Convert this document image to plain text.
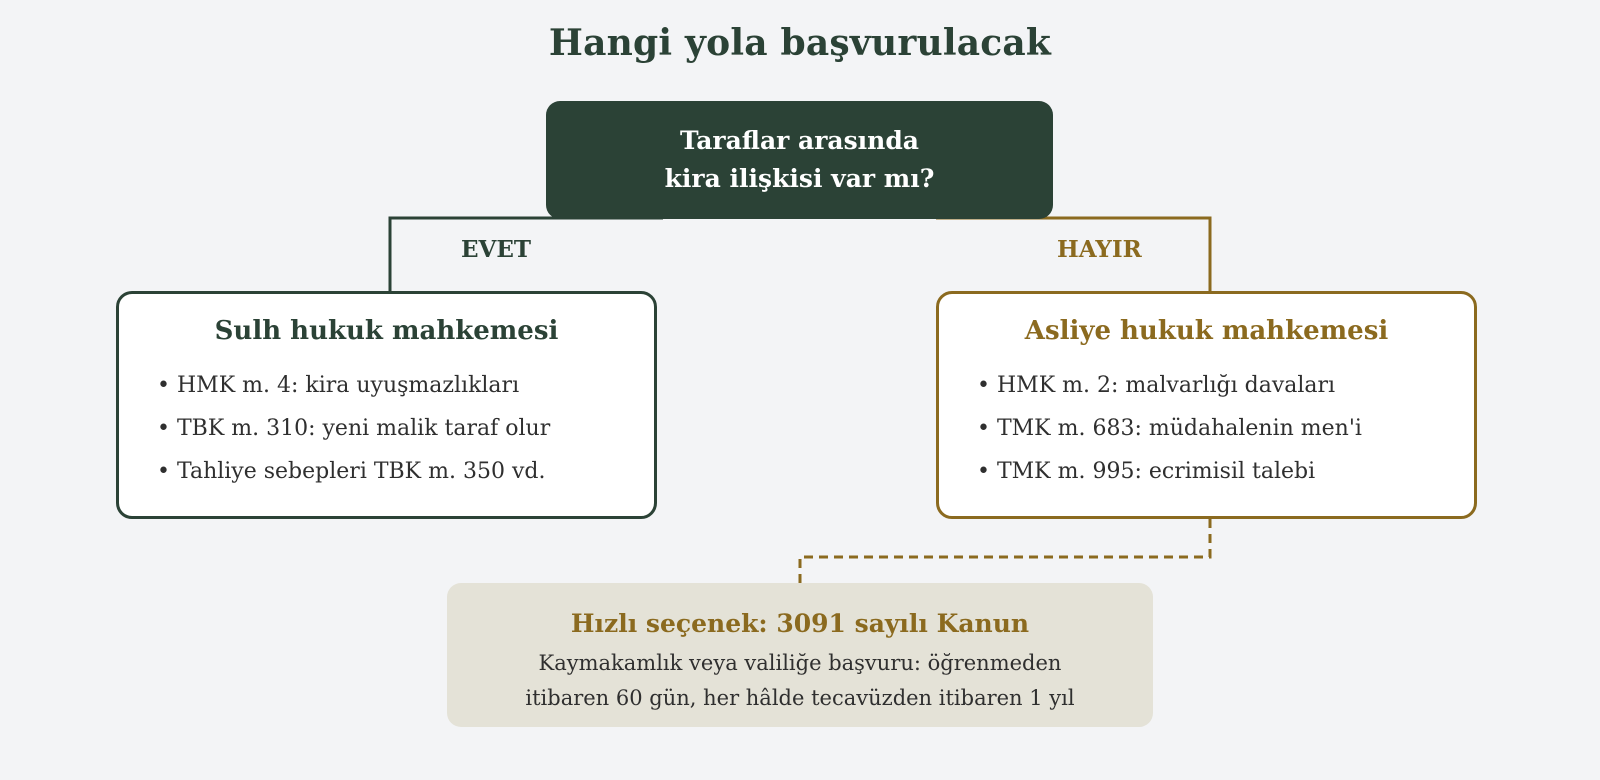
Hangi yola başvurulacak
Taraflar arasında
kira ilişkisi var mı?
EVET	HAYIR
Sulh hukuk mahkemesi
• HMK m. 4: kira uyuşmazlıkları
• TBK m. 310: yeni malik taraf olur
• Tahliye sebepleri TBK m. 350 vd.
Asliye hukuk mahkemesi
• HMK m. 2: malvarlığı davaları
• TMK m. 683: müdahalenin men'i
• TMK m. 995: ecrimisil talebi
Hızlı seçenek: 3091 sayılı Kanun
Kaymakamlık veya valiliğe başvuru: öğrenmeden
itibaren 60 gün, her hâlde tecavüzden itibaren 1 yıl
